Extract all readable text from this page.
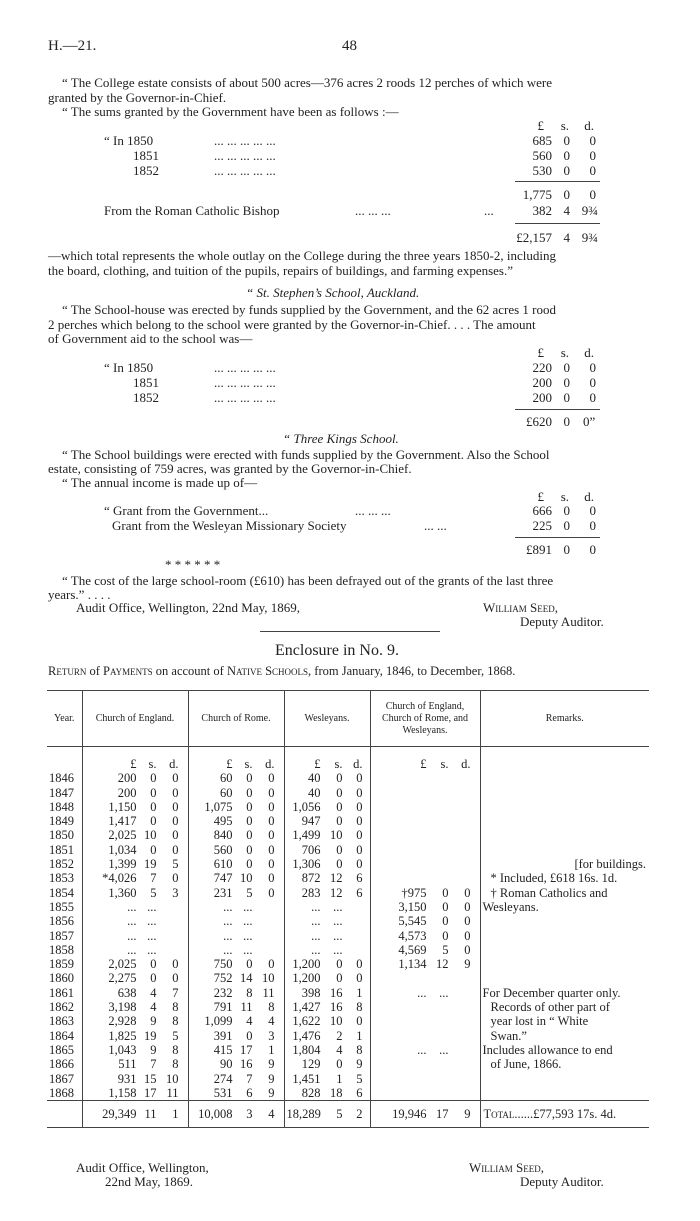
H.—21.	48
“ The College estate consists of about 500 acres—376 acres 2 roods 12 perches of which were
granted by the Governor-in-Chief.
“ The sums granted by the Government have been as follows :—
£	s.	d.
“ In 1850	... ... ... ... ...	685 0	0
1851	... ... ... ... ...	560 0	0
1852	... ... ... ... ...	530 0	0
1,775 0	0
From the Roman Catholic Bishop	... ... ...	...	382 4 9¾
£2,157 4 9¾
—which total represents the whole outlay on the College during the three years 1850-2, including
the board, clothing, and tuition of the pupils, repairs of buildings, and farming expenses.”
“ St. Stephen’s School, Auckland.
“ The School-house was erected by funds supplied by the Government, and the 62 acres 1 rood
2 perches which belong to the school were granted by the Governor-in-Chief. . . . The amount
of Government aid to the school was—
£	s.	d.
“ In 1850	... ... ... ... ...	220 0	0
1851	... ... ... ... ...	200 0	0
1852	... ... ... ... ...	200 0	0
£620 0 0”
“ Three Kings School.
“ The School buildings were erected with funds supplied by the Government. Also the School
estate, consisting of 759 acres, was granted by the Governor-in-Chief.
“ The annual income is made up of—
£	s.	d.
“ Grant from the Government...	... ... ...	666 0	0
Grant from the Wesleyan Missionary Society	... ...	225 0	0
£891 0	0
* * * * * *
“ The cost of the large school-room (£610) has been defrayed out of the grants of the last three
years.” . . . .
Audit Office, Wellington, 22nd May, 1869,	William Seed,
Deputy Auditor.
Enclosure in No. 9.
Return of Payments on account of Native Schools, from January, 1846, to December, 1868.
Year.	Church of England.	Church of Rome.	Wesleyans.	Church of England, Church of Rome, and Wesleyans.	Remarks.

	£ s. d.	£ s. d.	£ s. d.	£ s. d.	

1846	200 0 0	60 0 0	40 0 0		

1847	200 0 0	60 0 0	40 0 0		

1848	1,150 0 0	1,075 0 0	1,056 0 0		

1849	1,417 0 0	495 0 0	947 0 0		

1850	2,025 10 0	840 0 0	1,499 10 0		

1851	1,034 0 0	560 0 0	706 0 0		

1852	1,399 19 5	610 0 0	1,306 0 0		[for buildings.

1853	*4,026 7 0	747 10 0	872 12 6		* Included, £618 16s. 1d.

1854	1,360 5 3	231 5 0	283 12 6	†975 0 0	† Roman Catholics and

1855	... ...	... ...	... ...	3,150 0 0	Wesleyans.

1856	... ...	... ...	... ...	5,545 0 0	

1857	... ...	... ...	... ...	4,573 0 0	

1858	... ...	... ...	... ...	4,569 5 0	

1859	2,025 0 0	750 0 0	1,200 0 0	1,134 12 9	

1860	2,275 0 0	752 14 10	1,200 0 0		

1861	638 4 7	232 8 11	398 16 1	... ...	For December quarter only.

1862	3,198 4 8	791 11 8	1,427 16 8		Records of other part of

1863	2,928 9 8	1,099 4 4	1,622 10 0		year lost in “ White

1864	1,825 19 5	391 0 3	1,476 2 1		Swan.”

1865	1,043 9 8	415 17 1	1,804 4 8	... ...	Includes allowance to end

1866	511 7 8	90 16 9	129 0 9		of June, 1866.

1867	931 15 10	274 7 9	1,451 1 5		

1868	1,158 17 11	531 6 9	828 18 6		

	29,349 11 1	10,008 3 4	18,289 5 2	19,946 17 9	Total......£77,593 17s. 4d.
Audit Office, Wellington,
22nd May, 1869.
William Seed,
Deputy Auditor.
